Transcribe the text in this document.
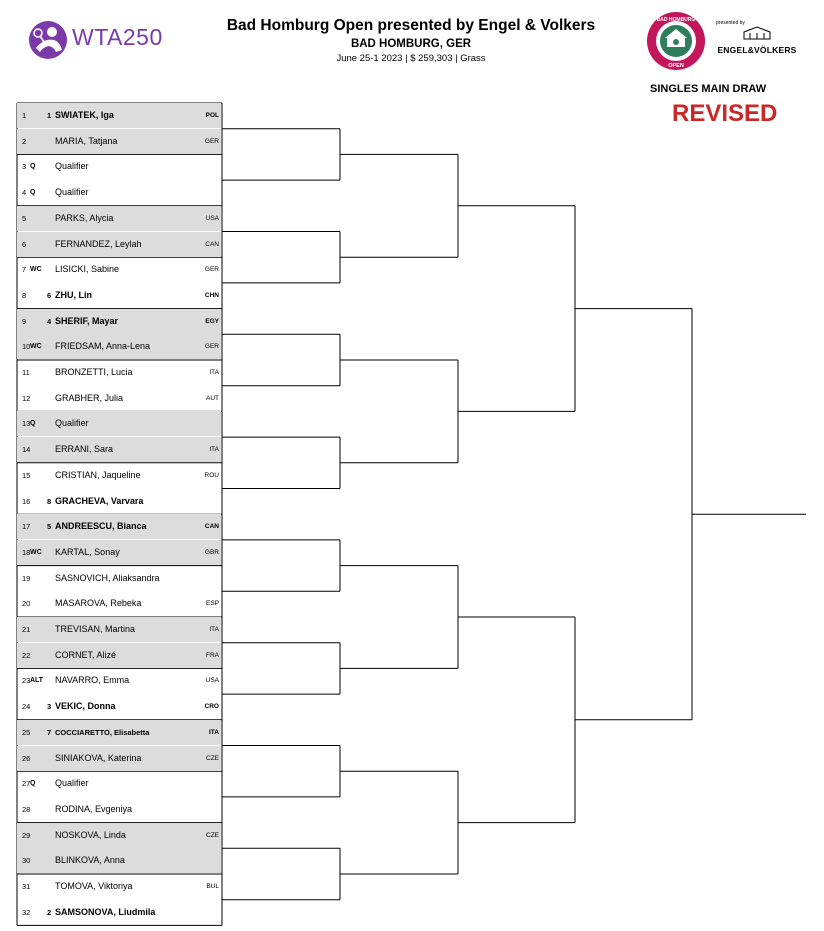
WTA250	Bad Homburg Open presented by Engel & Volkers
BAD HOMBURG, GER
June 25-1 2023 | $ 259,303 | Grass
BAD HOMBURG
OPEN
presented by
ENGEL&VÖLKERS
SINGLES MAIN DRAW
REVISED
1	1 SWIATEK, Iga	POL
2	MARIA, Tatjana	GER
3 Q Qualifier
4 Q Qualifier
5	PARKS, Alycia	USA
6	FERNANDEZ, Leylah	CAN
7 WC LISICKI, Sabine	GER
8	6 ZHU, Lin	CHN
9	4 SHERIF, Mayar	EGY
10 WC FRIEDSAM, Anna-Lena	GER
11	BRONZETTI, Lucia	ITA
12	GRABHER, Julia	AUT
13 Q Qualifier
14	ERRANI, Sara	ITA
15	CRISTIAN, Jaqueline	ROU
16 8 GRACHEVA, Varvara
17 5 ANDREESCU, Bianca	CAN
18 WC KARTAL, Sonay	GBR
19	SASNOVICH, Aliaksandra
20	MASAROVA, Rebeka	ESP
21	TREVISAN, Martina	ITA
22	CORNET, Alizé	FRA
23 ALT NAVARRO, Emma	USA
24 3 VEKIC, Donna	CRO
25 7 COCCIARETTO, Elisabetta	ITA
26	SINIAKOVA, Katerina	CZE
27 Q Qualifier
28	RODINA, Evgeniya
29	NOSKOVA, Linda	CZE
30	BLINKOVA, Anna
31	TOMOVA, Viktoriya	BUL
32 2 SAMSONOVA, Liudmila
